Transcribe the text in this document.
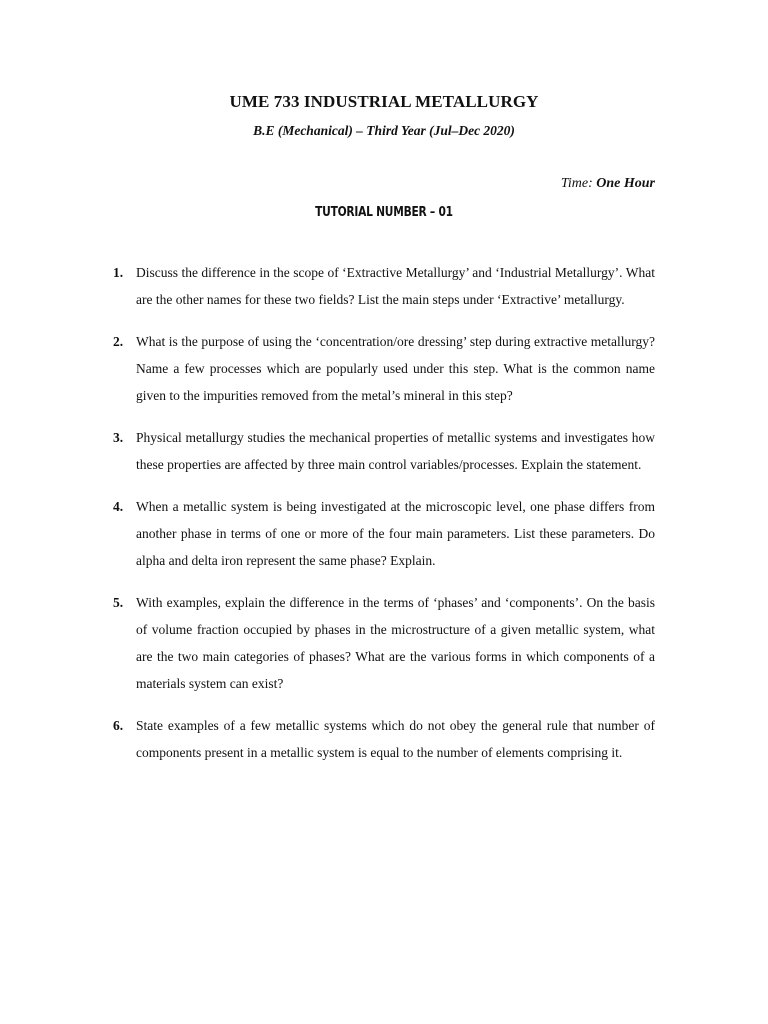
UME 733 INDUSTRIAL METALLURGY
B.E (Mechanical) – Third Year (Jul–Dec 2020)
Time: One Hour
TUTORIAL NUMBER – 01
1. Discuss the difference in the scope of ‘Extractive Metallurgy’ and ‘Industrial Metallurgy’. What are the other names for these two fields? List the main steps under ‘Extractive’ metallurgy.
2. What is the purpose of using the ‘concentration/ore dressing’ step during extractive metallurgy? Name a few processes which are popularly used under this step. What is the common name given to the impurities removed from the metal’s mineral in this step?
3. Physical metallurgy studies the mechanical properties of metallic systems and investigates how these properties are affected by three main control variables/processes. Explain the statement.
4. When a metallic system is being investigated at the microscopic level, one phase differs from another phase in terms of one or more of the four main parameters. List these parameters. Do alpha and delta iron represent the same phase? Explain.
5. With examples, explain the difference in the terms of ‘phases’ and ‘components’. On the basis of volume fraction occupied by phases in the microstructure of a given metallic system, what are the two main categories of phases? What are the various forms in which components of a materials system can exist?
6. State examples of a few metallic systems which do not obey the general rule that number of components present in a metallic system is equal to the number of elements comprising it.
